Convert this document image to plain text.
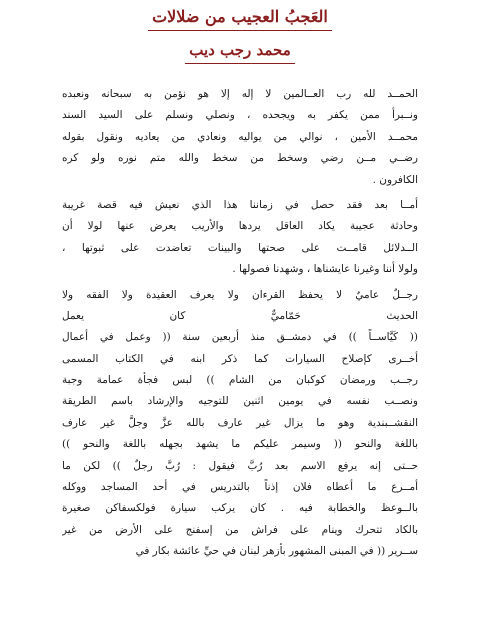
العَجبُ العجيب من ضلالات
محمد رجب ديب
الحمــد لله رب العــالمين لا إله إلا هو نؤمن به سبحانه ونعبده
ونــبرأ ممن يكفر به ويجحده ، ونصلي ونسلم على السيد السند
محمــد الأمين ، نوالي من يواليه ونعادي من يعاديه ونقول بقوله
رضــي مــن رضي وسخط من سخط والله متم نوره ولو كره
الكافرون .
أمــا بعد فقد حصل في زماننا هذا الذي نعيش فيه قصة غريبة
وحادثة عجيبة يكاد العاقل يردها والأريب يعرض عنها لولا أن
الــدلائل قامــت على صحتها والبينات تعاضدت على ثبوتها ،
ولولا أننا وغيرنا عايشناها ، وشهدنا فصولها .
رجــلٌ عاميٌ لا يحفظ القرءان ولا يعرف العقيدة ولا الفقه ولا
الحديث حَمّاميٌّ كان يعمل
(( كَيَّاســاً )) في دمشــق منذ أربعين سنة (( وعمل في أعمال
أخــرى كإصلاح السيارات كما ذكر ابنه في الكتاب المسمى
رجــب ورمضان كوكبان من الشام )) لبس فجأة عمامة وجبة
ونصــب نفسه في يومين اثنين للتوجيه والإرشاد باسم الطريقة
النقشــبندية وهو ما يزال غير عارف بالله عزَّ وجلَّ غير عارف
باللغة والنحو (( وسيمر عليكم ما يشهد بجهله باللغة والنحو ))
حــتى إنه يرفع الاسم بعد رُبَّ فيقول : رُبَّ رجلٌ )) لكن ما
أمــرع ما أعطاه فلان إذناً بالتدريس في أحد المساجد ووكله
بالــوعظ والخطابة فيه . كان يركب سيارة فولكسفاكن صغيرة
بالكاد تتحرك وينام على فراش من إسفنج على الأرض من غير
ســرير (( في المبنى المشهور بأزهر لبنان في حيِّ عائشة بكار في
